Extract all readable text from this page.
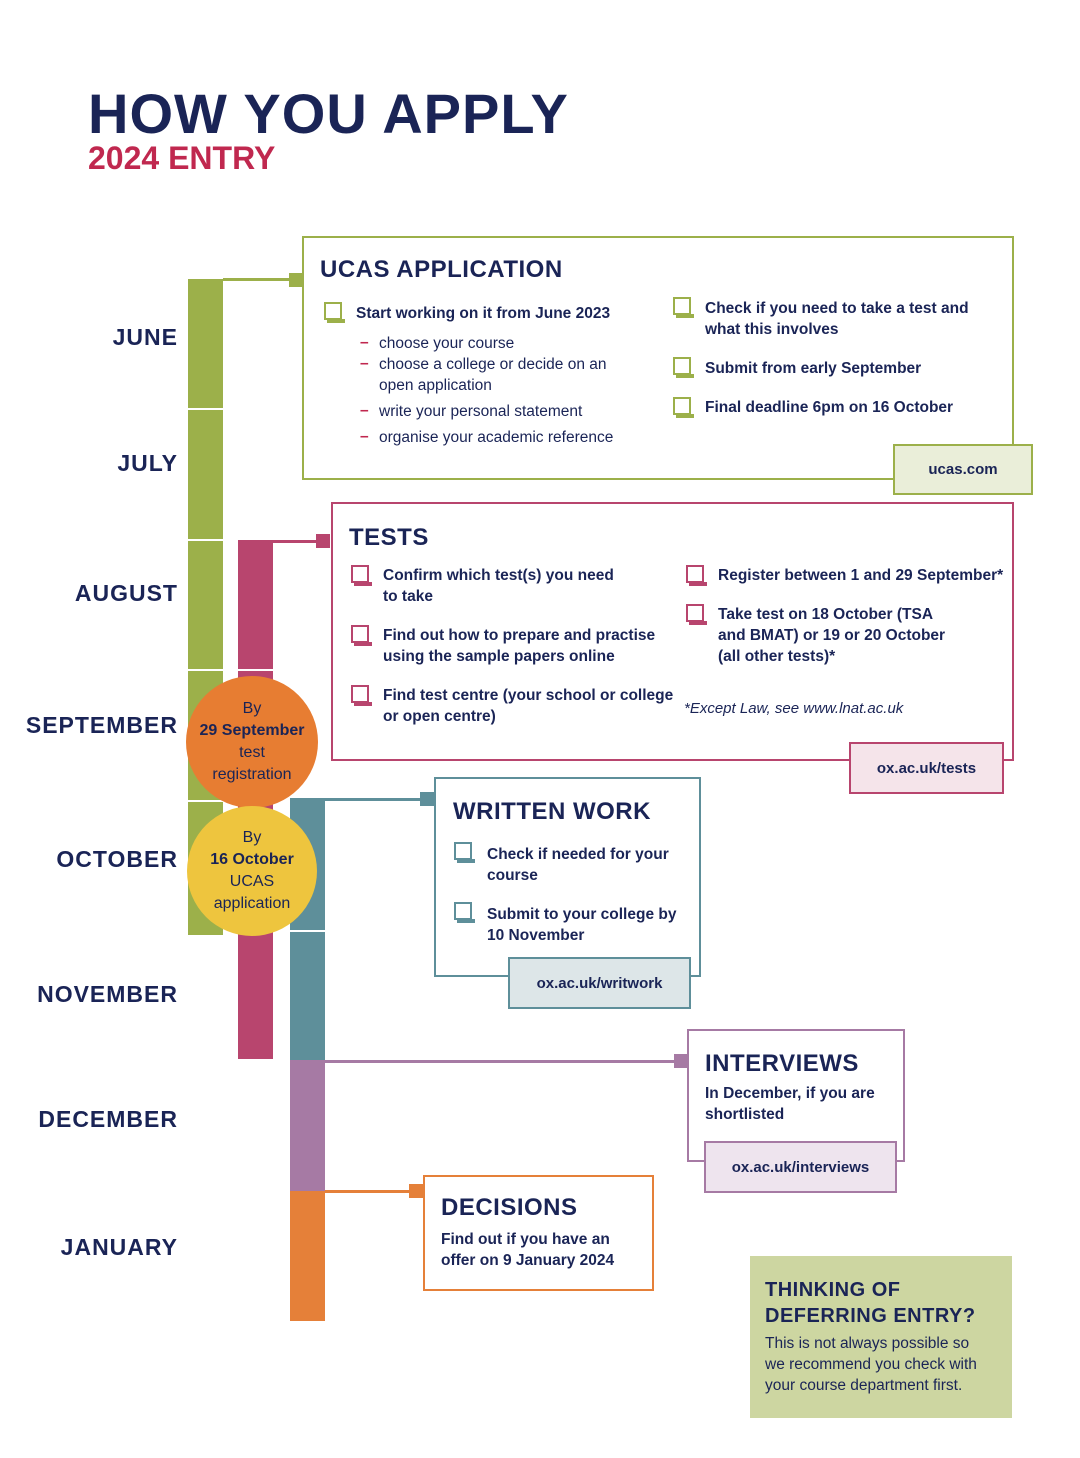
HOW YOU APPLY
2024 ENTRY
JUNE
JULY
AUGUST
SEPTEMBER
OCTOBER
NOVEMBER
DECEMBER
JANUARY
By
29 September
test
registration
By
16 October
UCAS
application
UCAS APPLICATION
Start working on it from June 2023
– choose your course
– choose a college or decide on an
open application
– write your personal statement
– organise your academic reference
Check if you need to take a test and
what this involves
Submit from early September
Final deadline 6pm on 16 October
ucas.com
TESTS
Confirm which test(s) you need
to take
Find out how to prepare and practise
using the sample papers online
Find test centre (your school or college
or open centre)
Register between 1 and 29 September*
Take test on 18 October (TSA
and BMAT) or 19 or 20 October
(all other tests)*
*Except Law, see www.lnat.ac.uk
ox.ac.uk/tests
WRITTEN WORK
Check if needed for your
course
Submit to your college by
10 November
ox.ac.uk/writwork
INTERVIEWS
In December, if you are
shortlisted
ox.ac.uk/interviews
DECISIONS
Find out if you have an
offer on 9 January 2024
THINKING OF
DEFERRING ENTRY?
This is not always possible so
we recommend you check with
your course department first.
